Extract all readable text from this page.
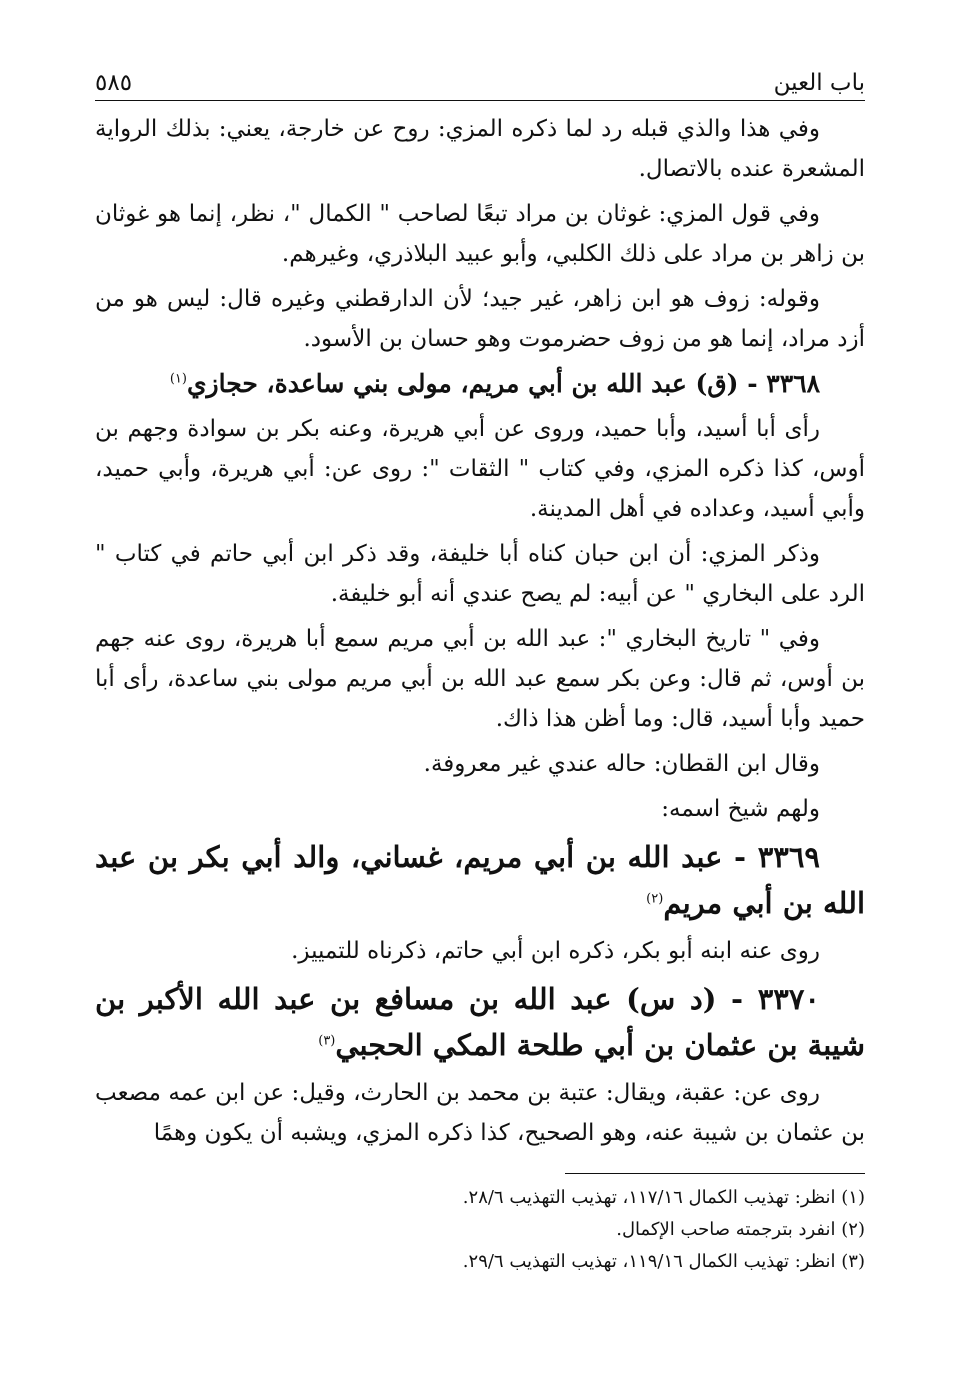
باب العين
٥٨٥

وفي هذا والذي قبله رد لما ذكره المزي: روح عن خارجة، يعني: بذلك الرواية المشعرة عنده بالاتصال.

وفي قول المزي: غوثان بن مراد تبعًا لصاحب " الكمال "، نظر، إنما هو غوثان بن زاهر بن مراد على ذلك الكلبي، وأبو عبيد البلاذري، وغيرهم.

وقوله: زوف هو ابن زاهر، غير جيد؛ لأن الدارقطني وغيره قال: ليس هو من أزد مراد، إنما هو من زوف حضرموت وهو حسان بن الأسود.

٣٣٦٨ - (ق) عبد الله بن أبي مريم، مولى بني ساعدة، حجازي$^{(١)}$

رأى أبا أسيد، وأبا حميد، وروى عن أبي هريرة، وعنه بكر بن سوادة وجهم بن أوس، كذا ذكره المزي، وفي كتاب " الثقات ": روى عن: أبي هريرة، وأبي حميد، وأبي أسيد، وعداده في أهل المدينة.

وذكر المزي: أن ابن حبان كناه أبا خليفة، وقد ذكر ابن أبي حاتم في كتاب " الرد على البخاري " عن أبيه: لم يصح عندي أنه أبو خليفة.

وفي " تاريخ البخاري ": عبد الله بن أبي مريم سمع أبا هريرة، روى عنه جهم بن أوس، ثم قال: وعن بكر سمع عبد الله بن أبي مريم مولى بني ساعدة، رأى أبا حميد وأبا أسيد، قال: وما أظن هذا ذاك.

وقال ابن القطان: حاله عندي غير معروفة.

ولهم شيخ اسمه:

٣٣٦٩ - عبد الله بن أبي مريم، غساني، والد أبي بكر بن عبد الله بن أبي مريم$^{(٢)}$

روى عنه ابنه أبو بكر، ذكره ابن أبي حاتم، ذكرناه للتمييز.

٣٣٧٠ - (د س) عبد الله بن مسافع بن عبد الله الأكبر بن شيبة بن عثمان بن أبي طلحة المكي الحجبي$^{(٣)}$

روى عن: عقبة، ويقال: عتبة بن محمد بن الحارث، وقيل: عن ابن عمه مصعب بن عثمان بن شيبة عنه، وهو الصحيح، كذا ذكره المزي، ويشبه أن يكون وهمًا

(١) انظر: تهذيب الكمال ١١٧/١٦، تهذيب التهذيب ٢٨/٦.

(٢) انفرد بترجمته صاحب الإكمال.

(٣) انظر: تهذيب الكمال ١١٩/١٦، تهذيب التهذيب ٢٩/٦.
